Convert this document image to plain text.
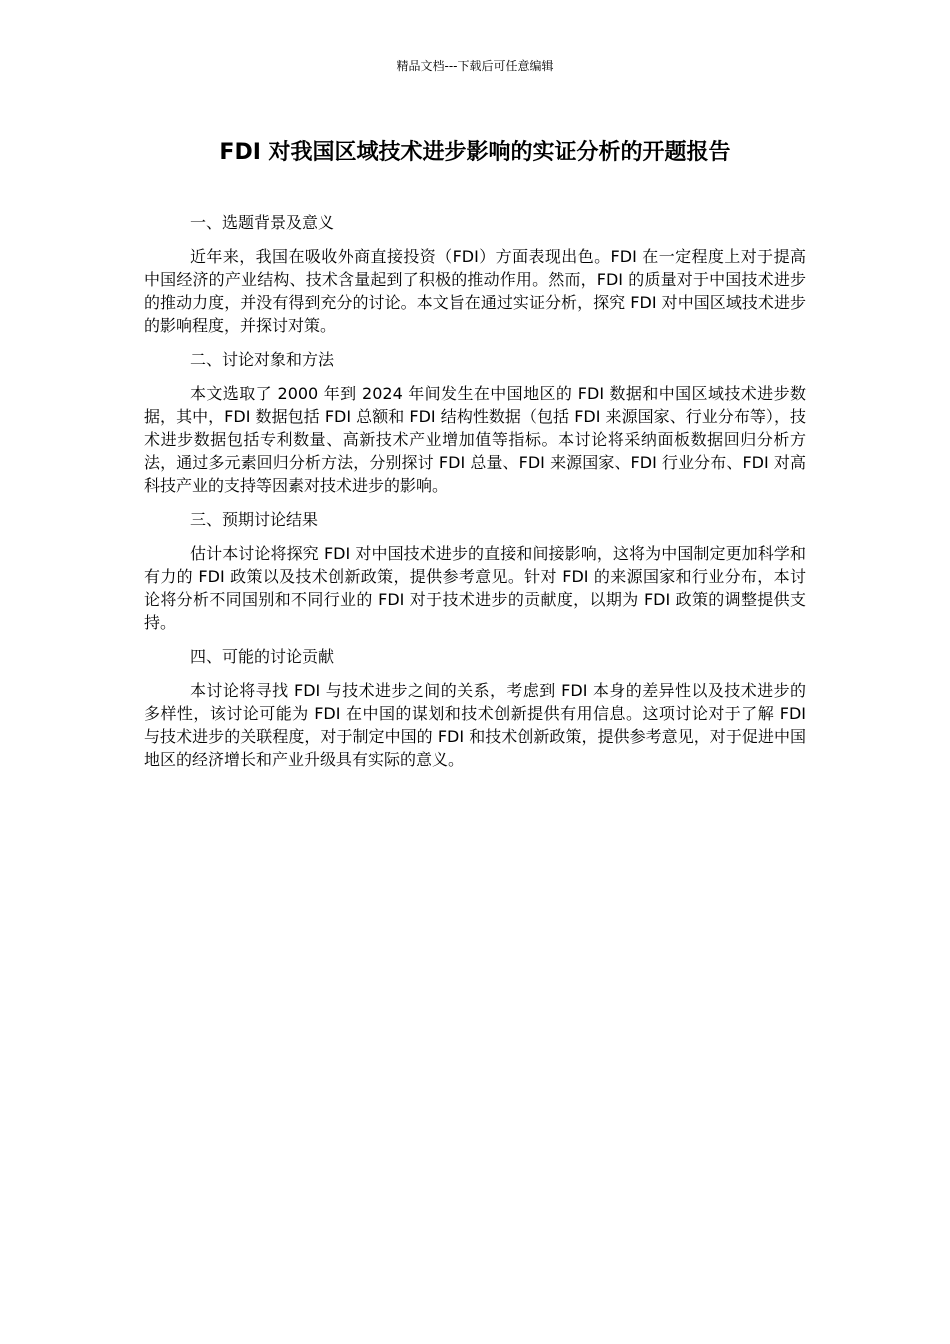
精品文档---下载后可任意编辑
FDI 对我国区域技术进步影响的实证分析的开题报告

一、选题背景及意义

近年来，我国在吸收外商直接投资（FDI）方面表现出色。FDI 在一定程度上对于提高中国经济的产业结构、技术含量起到了积极的推动作用。然而，FDI 的质量对于中国技术进步的推动力度，并没有得到充分的讨论。本文旨在通过实证分析，探究 FDI 对中国区域技术进步的影响程度，并探讨对策。

二、讨论对象和方法

本文选取了 2000 年到 2024 年间发生在中国地区的 FDI 数据和中国区域技术进步数据，其中，FDI 数据包括 FDI 总额和 FDI 结构性数据（包括 FDI 来源国家、行业分布等），技术进步数据包括专利数量、高新技术产业增加值等指标。本讨论将采纳面板数据回归分析方法，通过多元素回归分析方法，分别探讨 FDI 总量、FDI 来源国家、FDI 行业分布、FDI 对高科技产业的支持等因素对技术进步的影响。

三、预期讨论结果

估计本讨论将探究 FDI 对中国技术进步的直接和间接影响，这将为中国制定更加科学和有力的 FDI 政策以及技术创新政策，提供参考意见。针对 FDI 的来源国家和行业分布，本讨论将分析不同国别和不同行业的 FDI 对于技术进步的贡献度，以期为 FDI 政策的调整提供支持。

四、可能的讨论贡献

本讨论将寻找 FDI 与技术进步之间的关系，考虑到 FDI 本身的差异性以及技术进步的多样性，该讨论可能为 FDI 在中国的谋划和技术创新提供有用信息。这项讨论对于了解 FDI 与技术进步的关联程度，对于制定中国的 FDI 和技术创新政策，提供参考意见，对于促进中国地区的经济增长和产业升级具有实际的意义。
